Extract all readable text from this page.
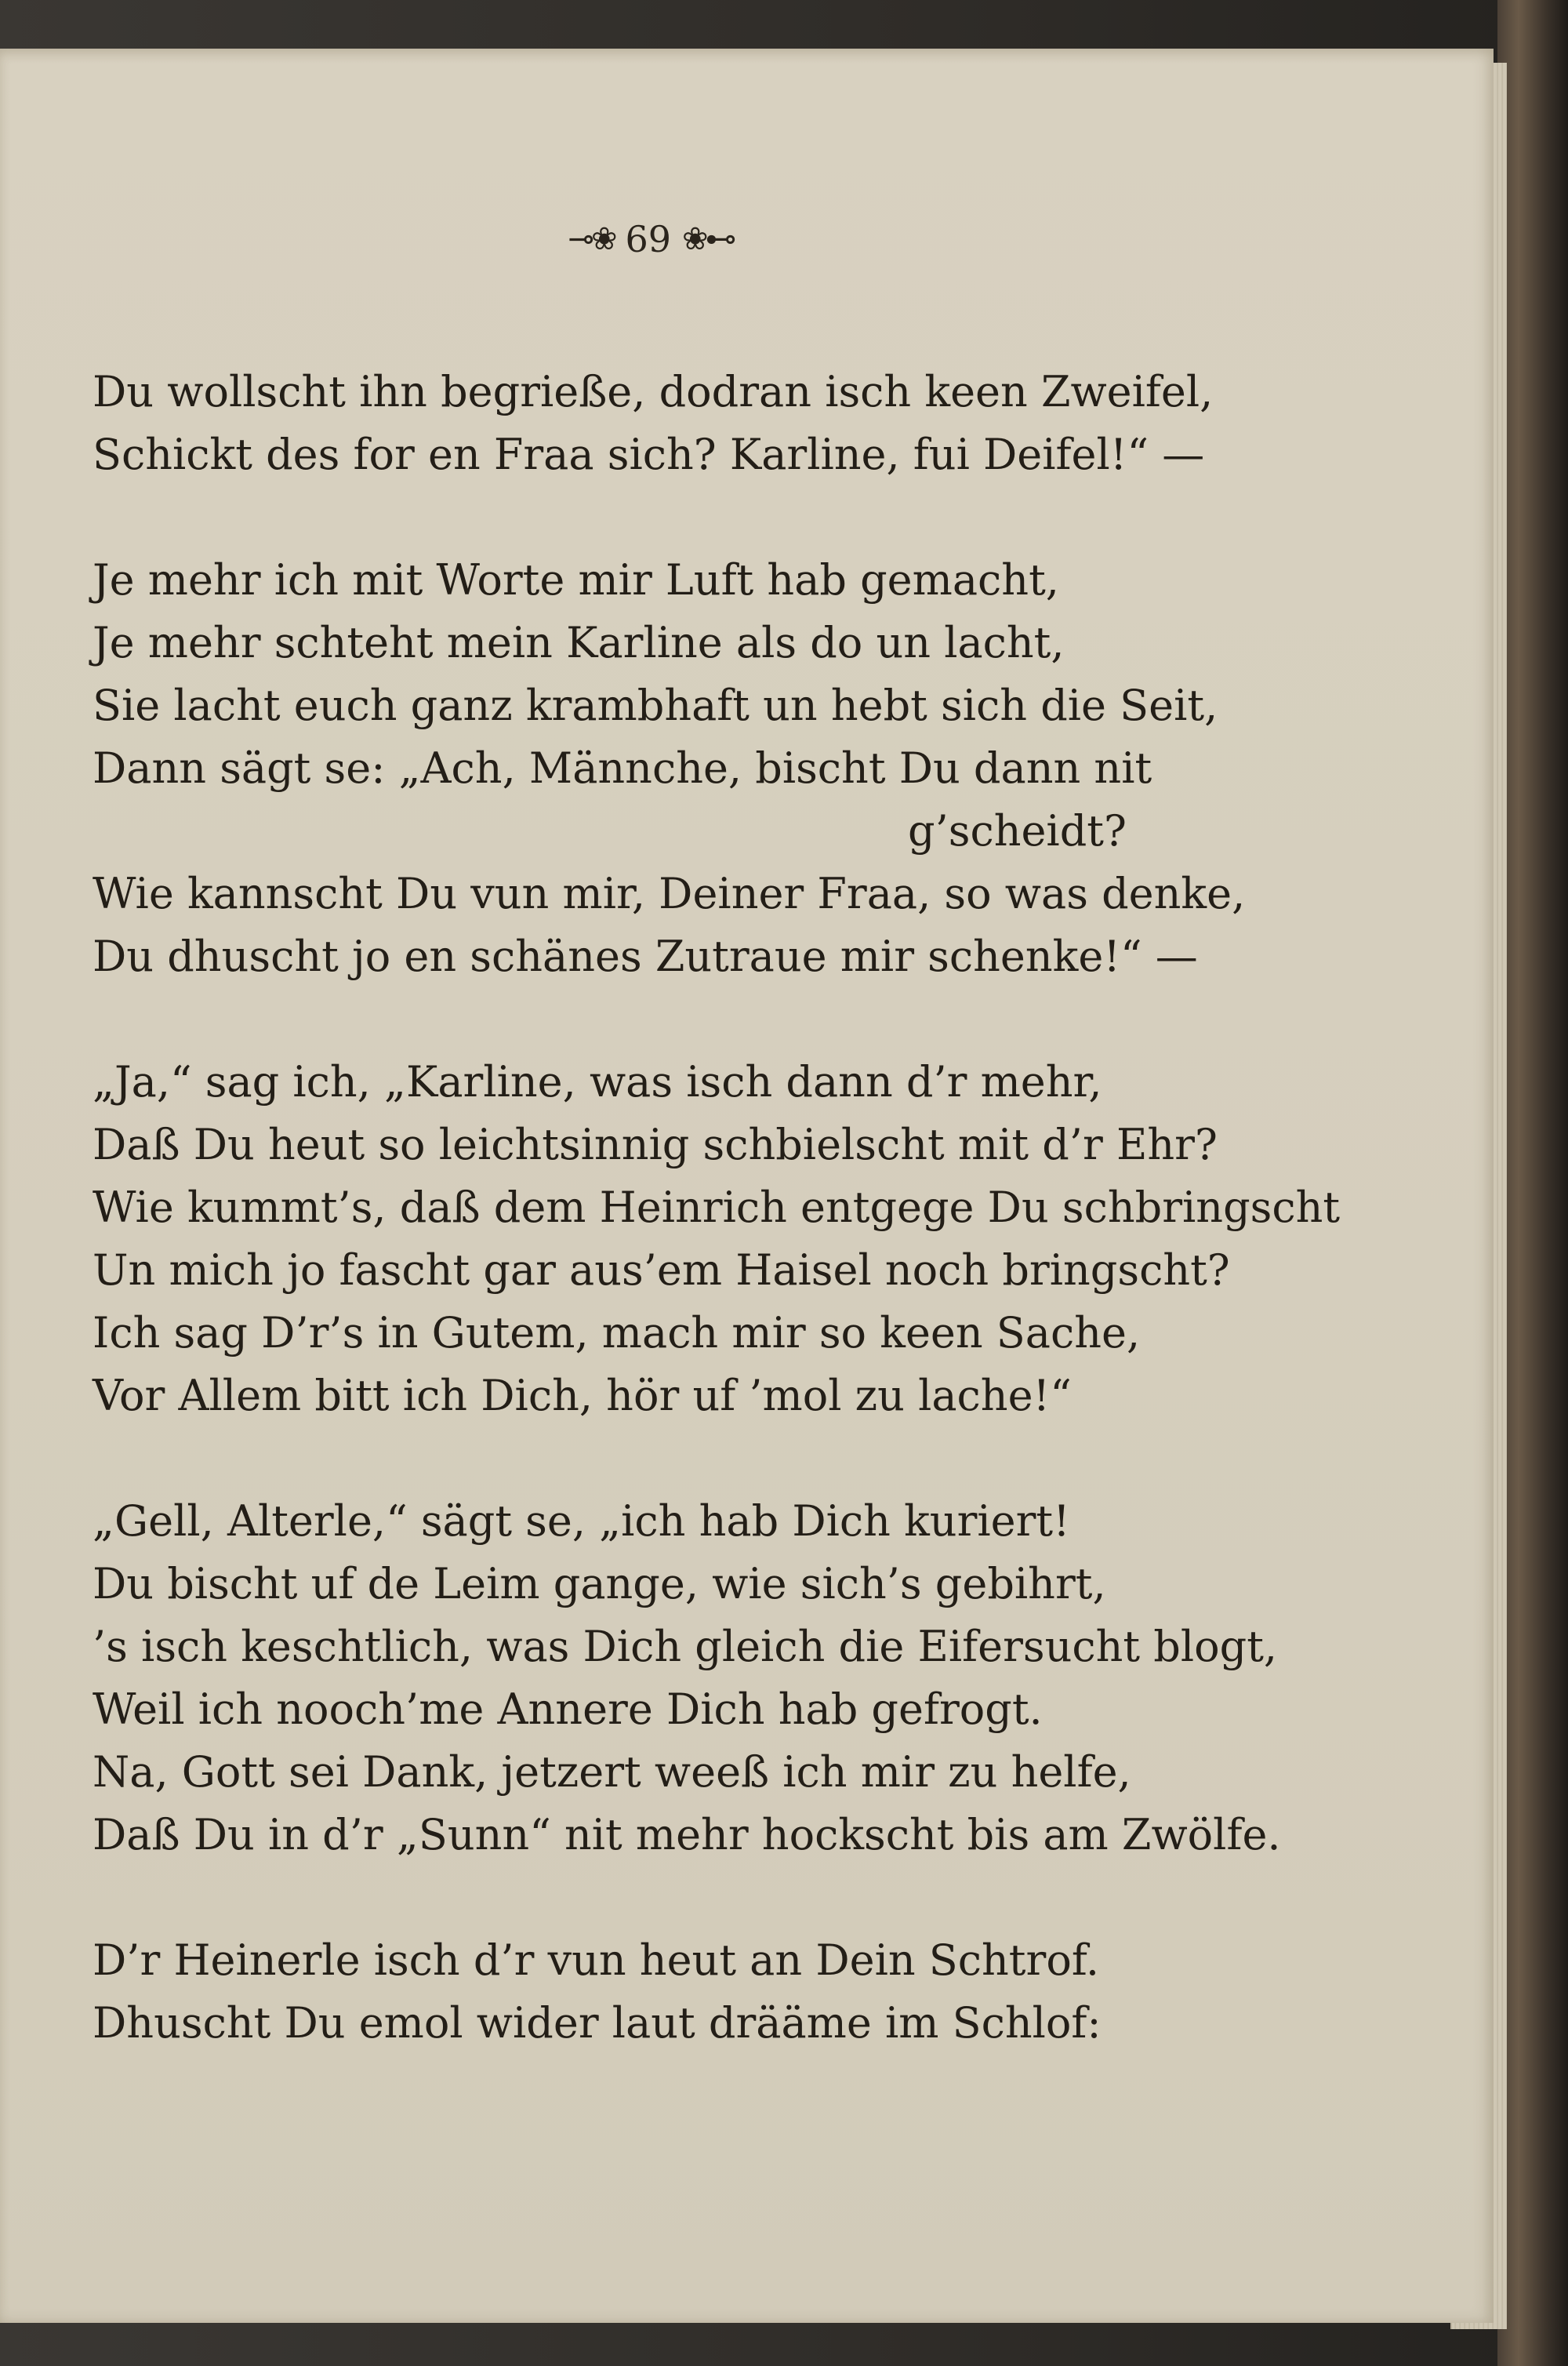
⊸❀ 69 ❀⊷
Du wollscht ihn begrieße, dodran isch keen Zweifel,
Schickt des for en Fraa sich? Karline, fui Deifel!“ —
Je mehr ich mit Worte mir Luft hab gemacht,
Je mehr schteht mein Karline als do un lacht,
Sie lacht euch ganz krambhaft un hebt sich die Seit,
Dann sägt se: „Ach, Männche, bischt Du dann nit
g’scheidt?
Wie kannscht Du vun mir, Deiner Fraa, so was denke,
Du dhuscht jo en schänes Zutraue mir schenke!“ —
„Ja,“ sag ich, „Karline, was isch dann d’r mehr,
Daß Du heut so leichtsinnig schbielscht mit d’r Ehr?
Wie kummt’s, daß dem Heinrich entgege Du schbringscht
Un mich jo fascht gar aus’em Haisel noch bringscht?
Ich sag D’r’s in Gutem, mach mir so keen Sache,
Vor Allem bitt ich Dich, hör uf ’mol zu lache!“
„Gell, Alterle,“ sägt se, „ich hab Dich kuriert!
Du bischt uf de Leim gange, wie sich’s gebihrt,
’s isch keschtlich, was Dich gleich die Eifersucht blogt,
Weil ich nooch’me Annere Dich hab gefrogt.
Na, Gott sei Dank, jetzert weeß ich mir zu helfe,
Daß Du in d’r „Sunn“ nit mehr hockscht bis am Zwölfe.
D’r Heinerle isch d’r vun heut an Dein Schtrof.
Dhuscht Du emol wider laut drääme im Schlof:
